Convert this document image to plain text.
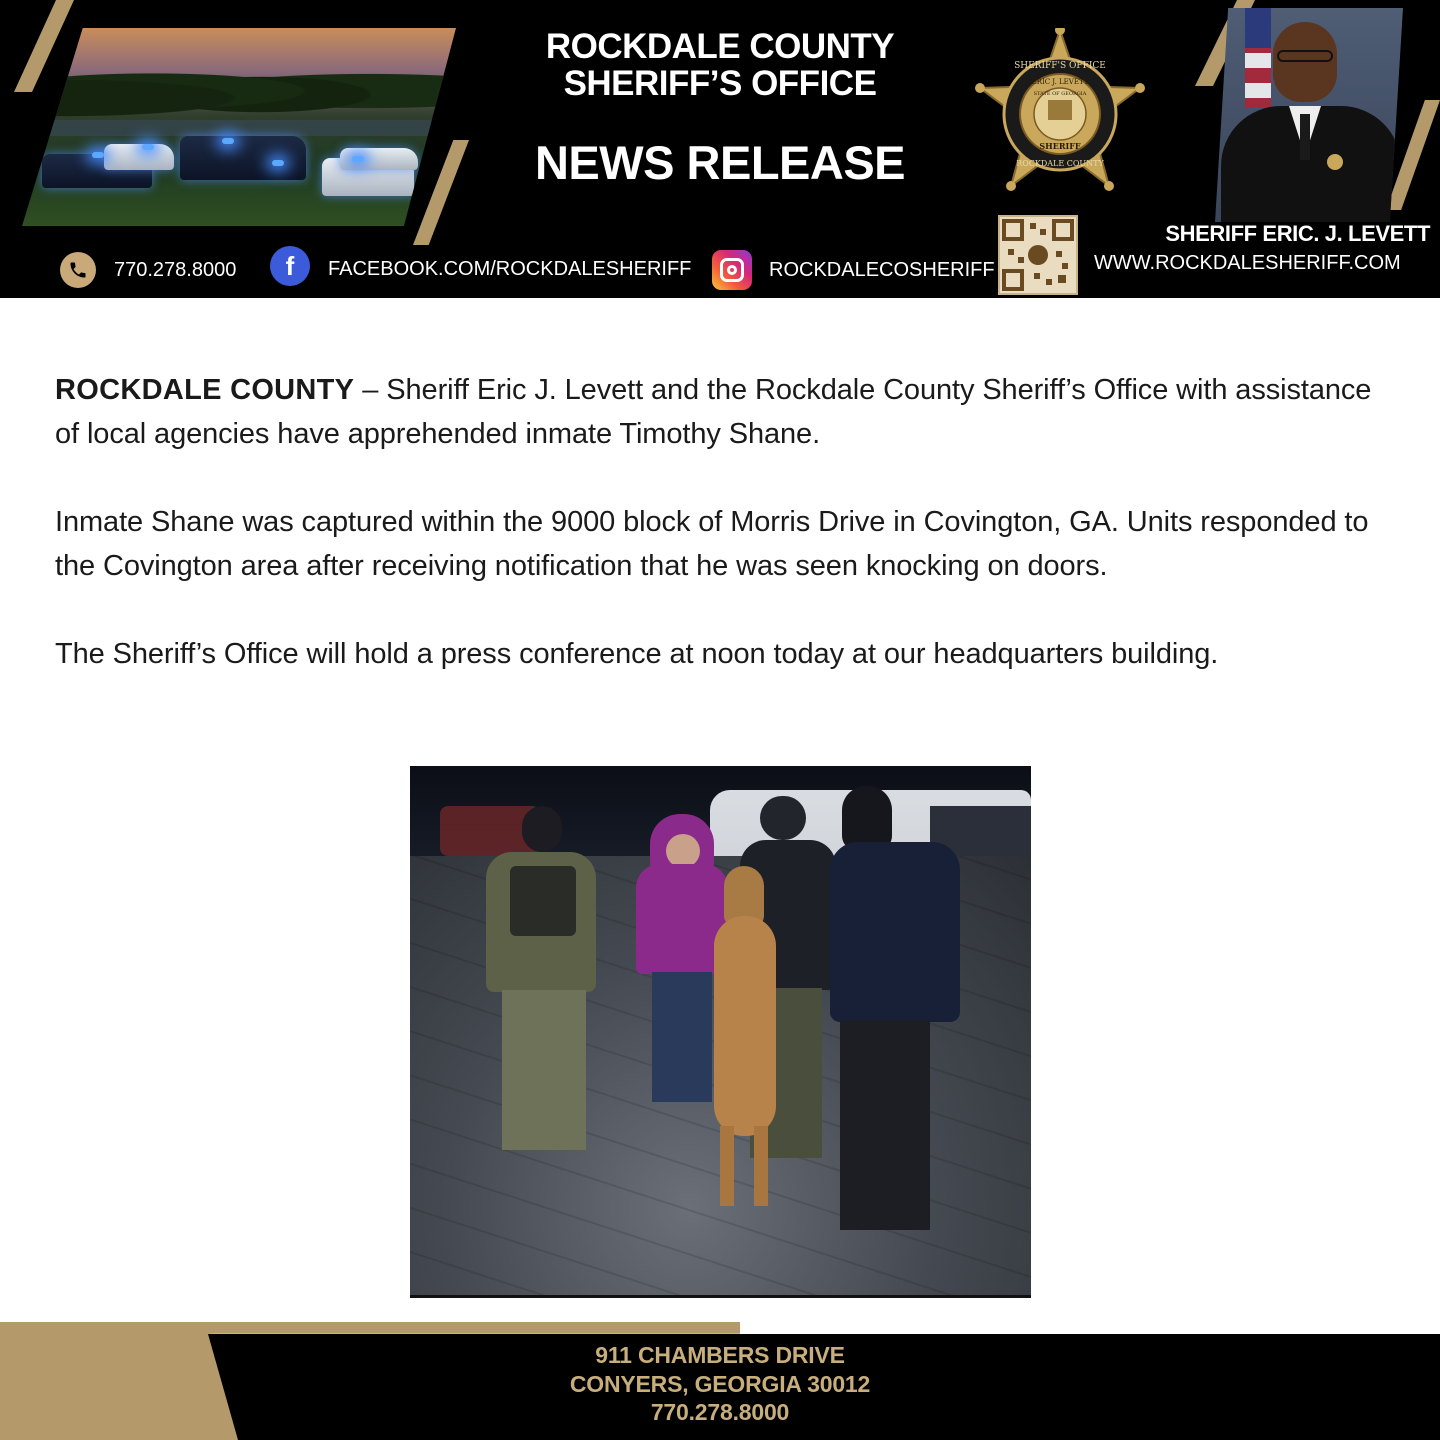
ROCKDALE COUNTY
SHERIFF’S OFFICE
NEWS RELEASE
SHERIFF'S OFFICE
ERIC J. LEVETT
STATE OF GEORGIA
SHERIFF
ROCKDALE COUNTY
SHERIFF ERIC. J. LEVETT
770.278.8000 f FACEBOOK.COM/ROCKDALESHERIFF	ROCKDALECOSHERIFF	WWW.ROCKDALESHERIFF.COM

ROCKDALE COUNTY – Sheriff Eric J. Levett and the Rockdale County Sheriff’s Office with assistance of local agencies have apprehended inmate Timothy Shane.

Inmate Shane was captured within the 9000 block of Morris Drive in Covington, GA. Units responded to the Covington area after receiving notification that he was seen knocking on doors.

The Sheriff’s Office will hold a press conference at noon today at our headquarters building.

911 CHAMBERS DRIVE
CONYERS, GEORGIA 30012
770.278.8000
